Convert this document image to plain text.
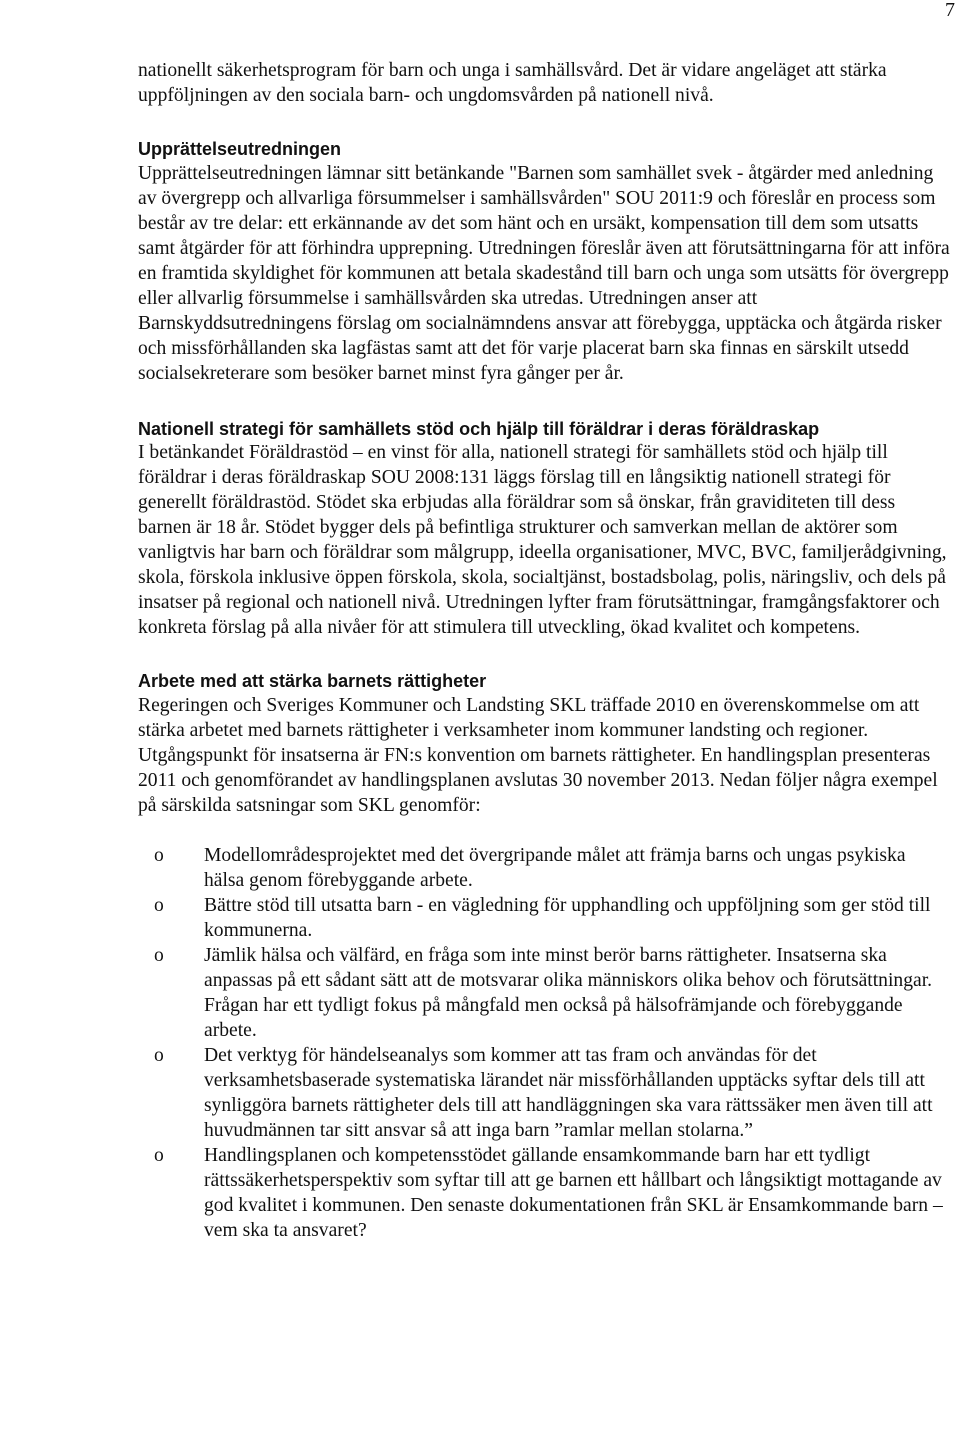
7

nationellt säkerhetsprogram för barn och unga i samhällsvård. Det är vidare angeläget att stärka uppföljningen av den sociala barn- och ungdomsvården på nationell nivå.

Upprättelseutredningen

Upprättelseutredningen lämnar sitt betänkande "Barnen som samhället svek - åtgärder med anledning av övergrepp och allvarliga försummelser i samhällsvården" SOU 2011:9 och föreslår en process som består av tre delar: ett erkännande av det som hänt och en ursäkt, kompensation till dem som utsatts samt åtgärder för att förhindra upprepning. Utredningen föreslår även att förutsättningarna för att införa en framtida skyldighet för kommunen att betala skadestånd till barn och unga som utsätts för övergrepp eller allvarlig försummelse i samhällsvården ska utredas. Utredningen anser att Barnskyddsutredningens förslag om socialnämndens ansvar att förebygga, upptäcka och åtgärda risker och missförhållanden ska lagfästas samt att det för varje placerat barn ska finnas en särskilt utsedd socialsekreterare som besöker barnet minst fyra gånger per år.

Nationell strategi för samhällets stöd och hjälp till föräldrar i deras föräldraskap

I betänkandet Föräldrastöd – en vinst för alla, nationell strategi för samhällets stöd och hjälp till föräldrar i deras föräldraskap SOU 2008:131 läggs förslag till en långsiktig nationell strategi för generellt föräldrastöd. Stödet ska erbjudas alla föräldrar som så önskar, från graviditeten till dess barnen är 18 år. Stödet bygger dels på befintliga strukturer och samverkan mellan de aktörer som vanligtvis har barn och föräldrar som målgrupp, ideella organisationer, MVC, BVC, familjerådgivning, skola, förskola inklusive öppen förskola, skola, socialtjänst, bostadsbolag, polis, näringsliv, och dels på insatser på regional och nationell nivå. Utredningen lyfter fram förutsättningar, framgångsfaktorer och konkreta förslag på alla nivåer för att stimulera till utveckling, ökad kvalitet och kompetens.

Arbete med att stärka barnets rättigheter

Regeringen och Sveriges Kommuner och Landsting SKL träffade 2010 en överenskommelse om att stärka arbetet med barnets rättigheter i verksamheter inom kommuner landsting och regioner. Utgångspunkt för insatserna är FN:s konvention om barnets rättigheter. En handlingsplan presenteras 2011 och genomförandet av handlingsplanen avslutas 30 november 2013. Nedan följer några exempel på särskilda satsningar som SKL genomför:

o Modellområdesprojektet med det övergripande målet att främja barns och ungas psykiska hälsa genom förebyggande arbete.
o Bättre stöd till utsatta barn - en vägledning för upphandling och uppföljning som ger stöd till kommunerna.
o Jämlik hälsa och välfärd, en fråga som inte minst berör barns rättigheter. Insatserna ska anpassas på ett sådant sätt att de motsvarar olika människors olika behov och förutsättningar. Frågan har ett tydligt fokus på mångfald men också på hälsofrämjande och förebyggande arbete.
o Det verktyg för händelseanalys som kommer att tas fram och användas för det verksamhetsbaserade systematiska lärandet när missförhållanden upptäcks syftar dels till att synliggöra barnets rättigheter dels till att handläggningen ska vara rättssäker men även till att huvudmännen tar sitt ansvar så att inga barn ”ramlar mellan stolarna.”
o Handlingsplanen och kompetensstödet gällande ensamkommande barn har ett tydligt rättssäkerhetsperspektiv som syftar till att ge barnen ett hållbart och långsiktigt mottagande av god kvalitet i kommunen. Den senaste dokumentationen från SKL är Ensamkommande barn – vem ska ta ansvaret?
